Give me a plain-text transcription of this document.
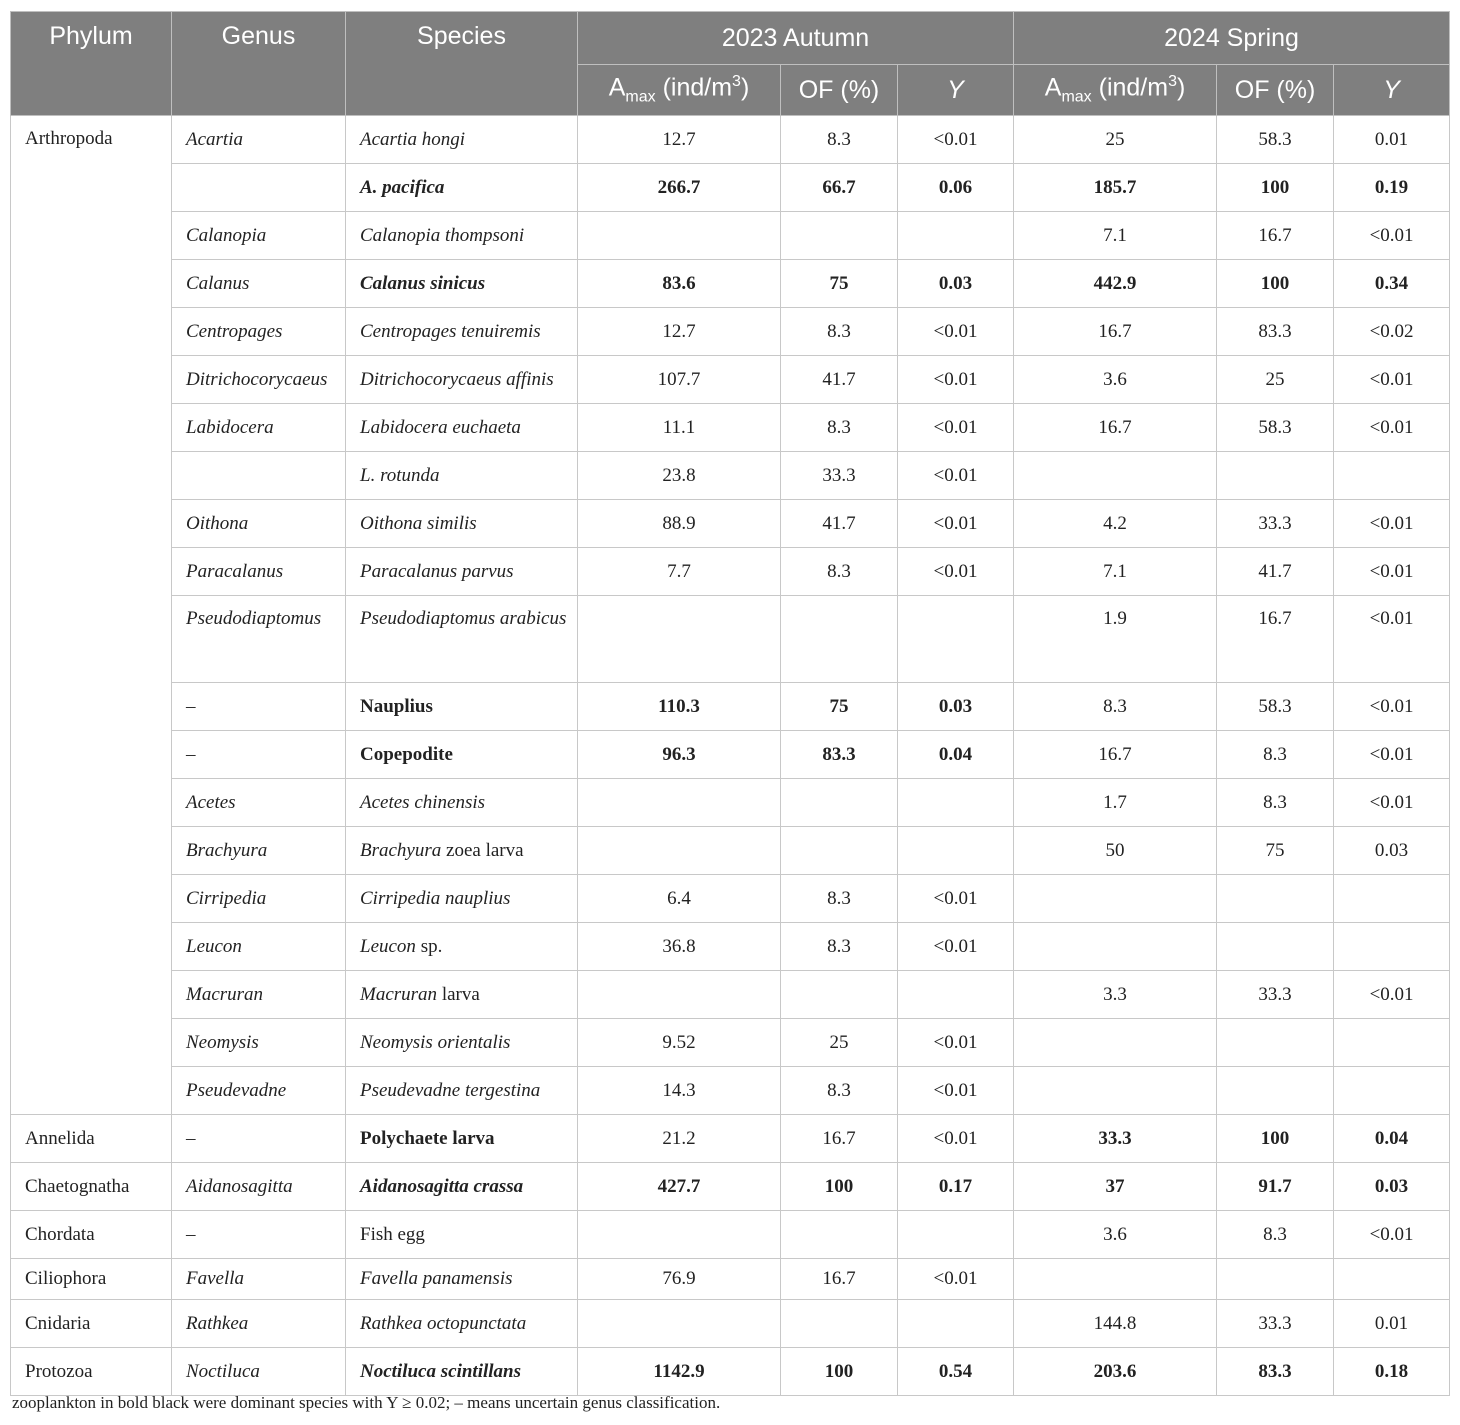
Phylum	Genus	Species	2023 Autumn			2024 Spring		
			$A_{max}$ $(ind/m^3)$	OF (%)	Y	$A_{max}$ $(ind/m^3)$	OF (%)	Y
Arthropoda	Acartia	Acartia hongi	12.7	8.3	<0.01	25	58.3	0.01
		A. pacifica	266.7	66.7	0.06	185.7	100	0.19
	Calanopia	Calanopia thompsoni				7.1	16.7	<0.01
	Calanus	Calanus sinicus	83.6	75	0.03	442.9	100	0.34
	Centropages	Centropages tenuiremis	12.7	8.3	<0.01	16.7	83.3	<0.02
	Ditrichocorycaeus	Ditrichocorycaeus affinis	107.7	41.7	<0.01	3.6	25	<0.01
	Labidocera	Labidocera euchaeta	11.1	8.3	<0.01	16.7	58.3	<0.01
		L. rotunda	23.8	33.3	<0.01			
	Oithona	Oithona similis	88.9	41.7	<0.01	4.2	33.3	<0.01
	Paracalanus	Paracalanus parvus	7.7	8.3	<0.01	7.1	41.7	<0.01
	Pseudodiaptomus	Pseudodiaptomus arabicus				1.9	16.7	<0.01
	–	Nauplius	110.3	75	0.03	8.3	58.3	<0.01
	–	Copepodite	96.3	83.3	0.04	16.7	8.3	<0.01
	Acetes	Acetes chinensis				1.7	8.3	<0.01
	Brachyura	Brachyura zoea larva				50	75	0.03
	Cirripedia	Cirripedia nauplius	6.4	8.3	<0.01			
	Leucon	Leucon sp.	36.8	8.3	<0.01			
	Macruran	Macruran larva				3.3	33.3	<0.01
	Neomysis	Neomysis orientalis	9.52	25	<0.01			
	Pseudevadne	Pseudevadne tergestina	14.3	8.3	<0.01			
Annelida	–	Polychaete larva	21.2	16.7	<0.01	33.3	100	0.04
Chaetognatha	Aidanosagitta	Aidanosagitta crassa	427.7	100	0.17	37	91.7	0.03
Chordata	–	Fish egg				3.6	8.3	<0.01
Ciliophora	Favella	Favella panamensis	76.9	16.7	<0.01			
Cnidaria	Rathkea	Rathkea octopunctata				144.8	33.3	0.01
Protozoa	Noctiluca	Noctiluca scintillans	1142.9	100	0.54	203.6	83.3	0.18
zooplankton in bold black were dominant species with Y ≥ 0.02; – means uncertain genus classification.
